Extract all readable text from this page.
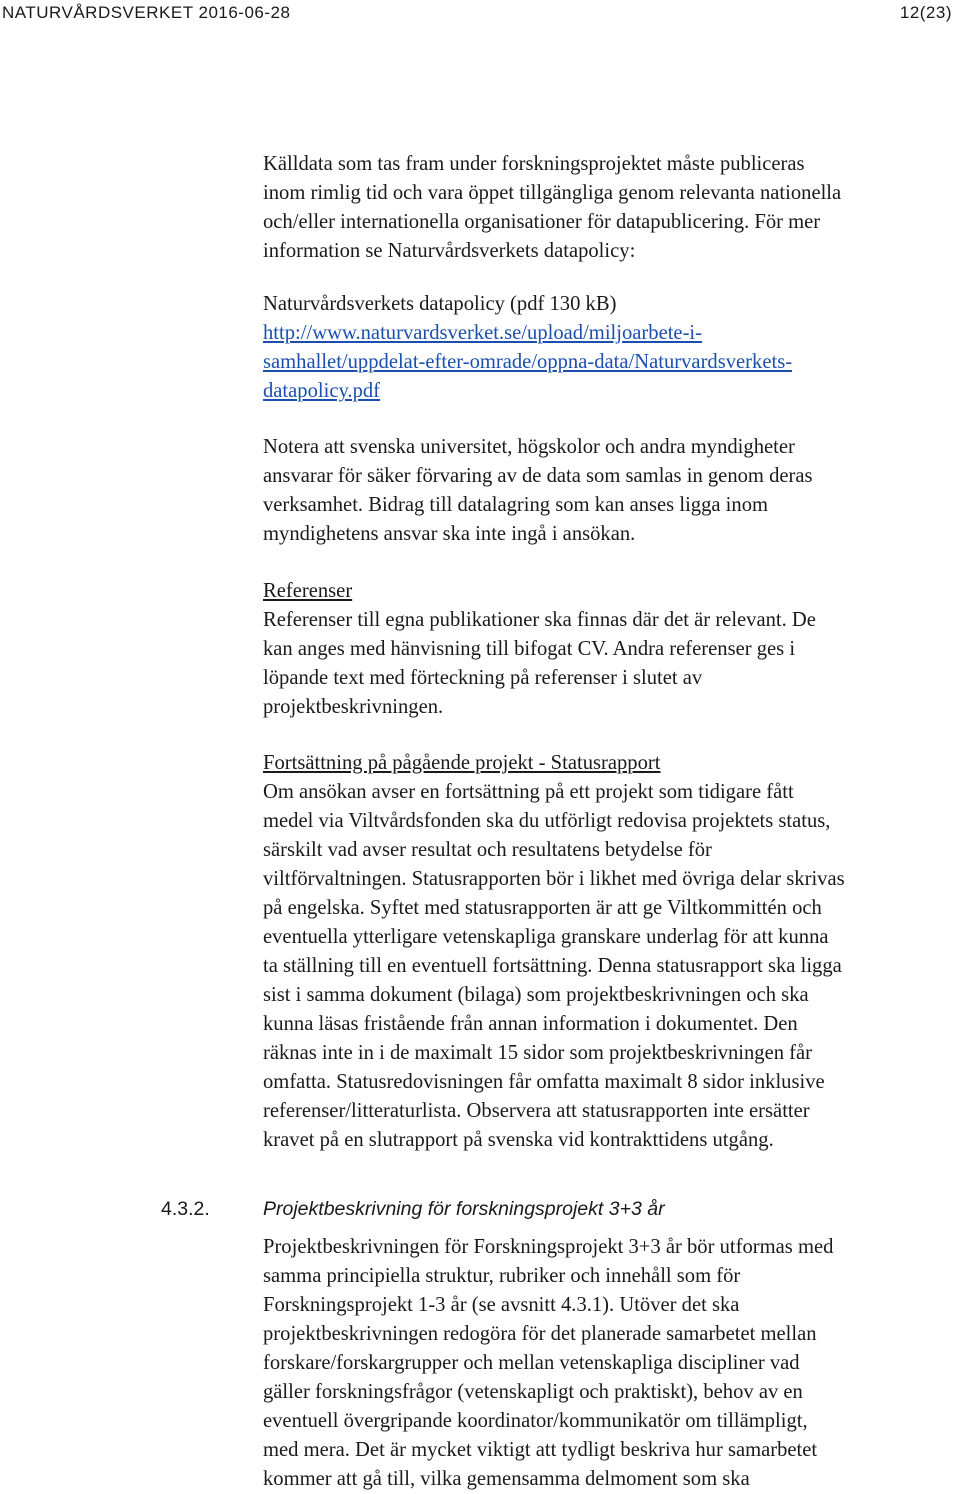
NATURVÅRDSVERKET 2016-06-28	12(23)
Källdata som tas fram under forskningsprojektet måste publiceras
inom rimlig tid och vara öppet tillgängliga genom relevanta nationella
och/eller internationella organisationer för datapublicering. För mer
information se Naturvårdsverkets datapolicy:
Naturvårdsverkets datapolicy (pdf 130 kB)
http://www.naturvardsverket.se/upload/miljoarbete-i-
samhallet/uppdelat-efter-omrade/oppna-data/Naturvardsverkets-
datapolicy.pdf
Notera att svenska universitet, högskolor och andra myndigheter
ansvarar för säker förvaring av de data som samlas in genom deras
verksamhet. Bidrag till datalagring som kan anses ligga inom
myndighetens ansvar ska inte ingå i ansökan.
Referenser
Referenser till egna publikationer ska finnas där det är relevant. De
kan anges med hänvisning till bifogat CV. Andra referenser ges i
löpande text med förteckning på referenser i slutet av
projektbeskrivningen.
Fortsättning på pågående projekt - Statusrapport
Om ansökan avser en fortsättning på ett projekt som tidigare fått
medel via Viltvårdsfonden ska du utförligt redovisa projektets status,
särskilt vad avser resultat och resultatens betydelse för
viltförvaltningen. Statusrapporten bör i likhet med övriga delar skrivas
på engelska. Syftet med statusrapporten är att ge Viltkommittén och
eventuella ytterligare vetenskapliga granskare underlag för att kunna
ta ställning till en eventuell fortsättning. Denna statusrapport ska ligga
sist i samma dokument (bilaga) som projektbeskrivningen och ska
kunna läsas fristående från annan information i dokumentet. Den
räknas inte in i de maximalt 15 sidor som projektbeskrivningen får
omfatta. Statusredovisningen får omfatta maximalt 8 sidor inklusive
referenser/litteraturlista. Observera att statusrapporten inte ersätter
kravet på en slutrapport på svenska vid kontrakttidens utgång.
4.3.2.	Projektbeskrivning för forskningsprojekt 3+3 år
Projektbeskrivningen för Forskningsprojekt 3+3 år bör utformas med
samma principiella struktur, rubriker och innehåll som för
Forskningsprojekt 1-3 år (se avsnitt 4.3.1). Utöver det ska
projektbeskrivningen redogöra för det planerade samarbetet mellan
forskare/forskargrupper och mellan vetenskapliga discipliner vad
gäller forskningsfrågor (vetenskapligt och praktiskt), behov av en
eventuell övergripande koordinator/kommunikatör om tillämpligt,
med mera. Det är mycket viktigt att tydligt beskriva hur samarbetet
kommer att gå till, vilka gemensamma delmoment som ska
